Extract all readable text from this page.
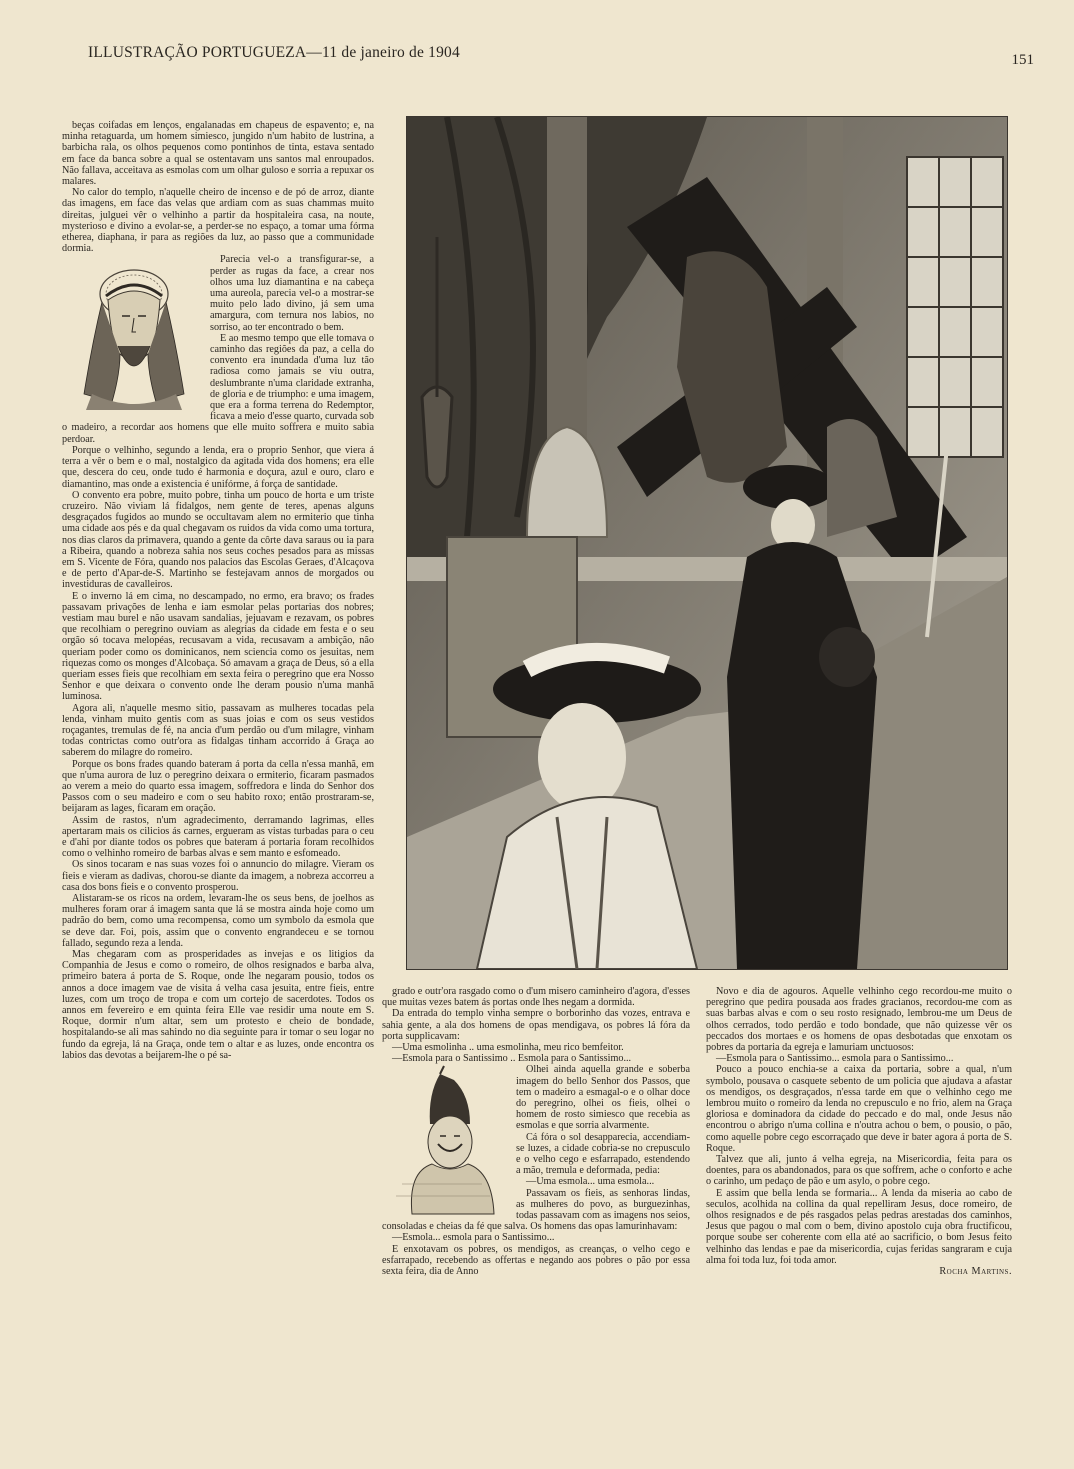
ILLUSTRAÇÃO PORTUGUEZA—11 de janeiro de 1904	151

beças coifadas em lenços, engalanadas em chapeus de espavento; e, na minha retaguarda, um homem simiesco, jungido n'um habito de lustrina, a barbicha rala, os olhos pequenos como pontinhos de tinta, estava sentado em face da banca sobre a qual se ostentavam uns santos mal enroupados. Não fallava, acceitava as esmolas com um olhar guloso e sorria a repuxar os malares.

No calor do templo, n'aquelle cheiro de incenso e de pó de arroz, diante das imagens, em face das velas que ardiam com as suas chammas muito direitas, julguei vêr o velhinho a partir da hospitaleira casa, na noute, mysterioso e divino a evolar-se, a perder-se no espaço, a tomar uma fórma etherea, diaphana, ir para as regiões da luz, ao passo que a communidade dormia.

Parecia vel-o a transfigurar-se, a perder as rugas da face, a crear nos olhos uma luz diamantina e na cabeça uma aureola, parecia vel-o a mostrar-se muito pelo lado divino, já sem uma amargura, com ternura nos labios, no sorriso, ao ter encontrado o bem.

E ao mesmo tempo que elle tomava o caminho das regiões da paz, a cella do convento era inundada d'uma luz tão radiosa como jamais se viu outra, deslumbrante n'uma claridade extranha, de gloria e de triumpho: e uma imagem, que era a forma terrena do Redemptor, ficava a meio d'esse quarto, curvada sob o madeiro, a recordar aos homens que elle muito soffrera e muito sabia perdoar.

Porque o velhinho, segundo a lenda, era o proprio Senhor, que viera á terra a vêr o bem e o mal, nostalgico da agitada vida dos homens; era elle que, descera do ceu, onde tudo é harmonia e doçura, azul e ouro, claro e diamantino, mas onde a existencia é unifórme, á força de santidade.

O convento era pobre, muito pobre, tinha um pouco de horta e um triste cruzeiro. Não viviam lá fidalgos, nem gente de teres, apenas alguns desgraçados fugidos ao mundo se occultavam alem no ermiterio que tinha uma cidade aos pés e da qual chegavam os ruidos da vida como uma tortura, nos dias claros da primavera, quando a gente da côrte dava saraus ou ia para a Ribeira, quando a nobreza sahia nos seus coches pesados para as missas em S. Vicente de Fóra, quando nos palacios das Escolas Geraes, d'Alcaçova e de perto d'Apar-de-S. Martinho se festejavam annos de morgados ou investiduras de cavalleiros.

E o inverno lá em cima, no descampado, no ermo, era bravo; os frades passavam privações de lenha e iam esmolar pelas portarias dos nobres; vestiam mau burel e não usavam sandalias, jejuavam e rezavam, os pobres que recolhiam o peregrino ouviam as alegrias da cidade em festa e o seu orgão só tocava melopéas, recusavam a vida, recusavam a ambição, não queriam poder como os dominicanos, nem sciencia como os jesuitas, nem riquezas como os monges d'Alcobaça. Só amavam a graça de Deus, só a ella queriam esses fieis que recolhiam em sexta feira o peregrino que era Nosso Senhor e que deixara o convento onde lhe deram pousio n'uma manhã luminosa.

Agora ali, n'aquelle mesmo sitio, passavam as mulheres tocadas pela lenda, vinham muito gentis com as suas joias e com os seus vestidos roçagantes, tremulas de fé, na ancia d'um perdão ou d'um milagre, vinham todas contrictas como outr'ora as fidalgas tinham accorrido á Graça ao saberem do milagre do romeiro.

Porque os bons frades quando bateram á porta da cella n'essa manhã, em que n'uma aurora de luz o peregrino deixara o ermiterio, ficaram pasmados ao verem a meio do quarto essa imagem, soffredora e linda do Senhor dos Passos com o seu madeiro e com o seu habito roxo; então prostraram-se, beijaram as lages, ficaram em oração.

Assim de rastos, n'um agradecimento, derramando lagrimas, elles apertaram mais os cilicios ás carnes, ergueram as vistas turbadas para o ceu e d'ahi por diante todos os pobres que bateram á portaria foram recolhidos como o velhinho romeiro de barbas alvas e sem manto e esfomeado.

Os sinos tocaram e nas suas vozes foi o annuncio do milagre. Vieram os fieis e vieram as dadivas, chorou-se diante da imagem, a nobreza accorreu a casa dos bons fieis e o convento prosperou.

Alistaram-se os ricos na ordem, levaram-lhe os seus bens, de joelhos as mulheres foram orar á imagem santa que lá se mostra ainda hoje como um padrão do bem, como uma recompensa, como um symbolo da esmola que se deve dar. Foi, pois, assim que o convento engrandeceu e se tornou fallado, segundo reza a lenda.

Mas chegaram com as prosperidades as invejas e os litigios da Companhia de Jesus e como o romeiro, de olhos resignados e barba alva, primeiro batera á porta de S. Roque, onde lhe negaram pousio, todos os annos a doce imagem vae de visita á velha casa jesuita, entre fieis, entre luzes, com um troço de tropa e com um cortejo de sacerdotes. Todos os annos em fevereiro e em quinta feira Elle vae residir uma noute em S. Roque, dormir n'um altar, sem um protesto e cheio de bondade, hospitalando-se ali mas sahindo no dia seguinte para ir tomar o seu logar no fundo da egreja, lá na Graça, onde tem o altar e as luzes, onde encontra os labios das devotas a beijarem-lhe o pé sa-

grado e outr'ora rasgado como o d'um misero caminheiro d'agora, d'esses que muitas vezes batem ás portas onde lhes negam a dormida.

Da entrada do templo vinha sempre o borborinho das vozes, entrava e sahia gente, a ala dos homens de opas mendigava, os pobres lá fóra da porta supplicavam:

—Uma esmolinha .. uma esmolinha, meu rico bemfeitor.

—Esmola para o Santissimo .. Esmola para o Santissimo...

Olhei ainda aquella grande e soberba imagem do bello Senhor dos Passos, que tem o madeiro a esmagal-o e o olhar doce do peregrino, olhei os fieis, olhei o homem de rosto simiesco que recebia as esmolas e que sorria alvarmente.

Cá fóra o sol desapparecia, accendiam-se luzes, a cidade cobria-se no crepusculo e o velho cego e esfarrapado, estendendo a mão, tremula e deformada, pedia:

—Uma esmola... uma esmola...

Passavam os fieis, as senhoras lindas, as mulheres do povo, as burguezinhas, todas passavam com as imagens nos seios, consoladas e cheias da fé que salva. Os homens das opas lamurinhavam:

—Esmola... esmola para o Santissimo...

E enxotavam os pobres, os mendigos, as creanças, o velho cego e esfarrapado, recebendo as offertas e negando aos pobres o pão por essa sexta feira, dia de Anno

Novo e dia de agouros. Aquelle velhinho cego recordou-me muito o peregrino que pedira pousada aos frades gracianos, recordou-me com as suas barbas alvas e com o seu rosto resignado, lembrou-me um Deus de olhos cerrados, todo perdão e todo bondade, que não quizesse vêr os peccados dos mortaes e os homens de opas desbotadas que enxotam os pobres da portaria da egreja e lamuriam unctuosos:

—Esmola para o Santissimo... esmola para o Santissimo...

Pouco a pouco enchia-se a caixa da portaria, sobre a qual, n'um symbolo, pousava o casquete sebento de um policia que ajudava a afastar os mendigos, os desgraçados, n'essa tarde em que o velhinho cego me lembrou muito o romeiro da lenda no crepusculo e no frio, alem na Graça gloriosa e dominadora da cidade do peccado e do mal, onde Jesus não encontrou o abrigo n'uma collina e n'outra achou o bem, o pousio, o pão, como aquelle pobre cego escorraçado que deve ir bater agora á porta de S. Roque.

Talvez que ali, junto á velha egreja, na Misericordia, feita para os doentes, para os abandonados, para os que soffrem, ache o conforto e ache o carinho, um pedaço de pão e um asylo, o pobre cego.

E assim que bella lenda se formaria... A lenda da miseria ao cabo de seculos, acolhida na collina da qual repelliram Jesus, doce romeiro, de olhos resignados e de pés rasgados pelas pedras arestadas dos caminhos, Jesus que pagou o mal com o bem, divino apostolo cuja obra fructificou, porque soube ser coherente com ella até ao sacrificio, o bom Jesus feito velhinho das lendas e pae da misericordia, cujas feridas sangraram e cuja alma foi toda luz, foi toda amor.

Rocha Martins.
